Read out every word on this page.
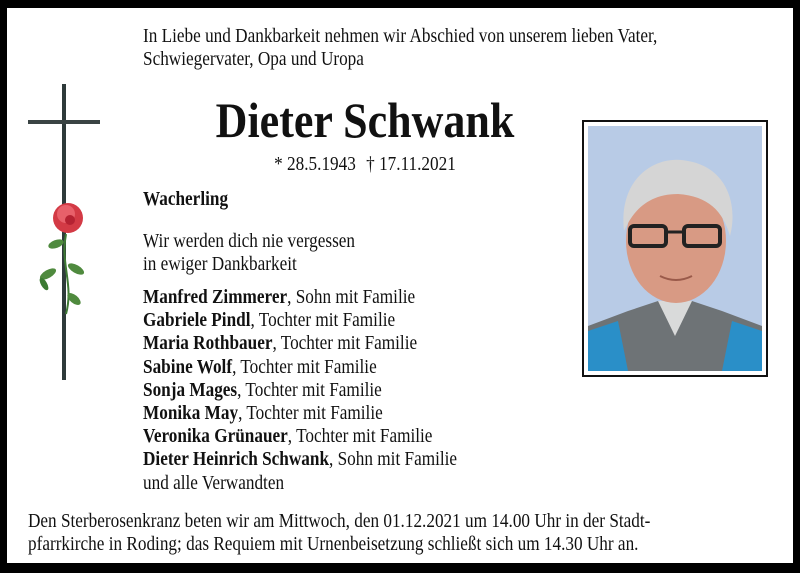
In Liebe und Dankbarkeit nehmen wir Abschied von unserem lieben Vater,
Schwiegervater, Opa und Uropa
Dieter Schwank
* 28.5.1943 † 17.11.2021
Wacherling
Wir werden dich nie vergessen
in ewiger Dankbarkeit
Manfred Zimmerer, Sohn mit Familie
Gabriele Pindl, Tochter mit Familie
Maria Rothbauer, Tochter mit Familie
Sabine Wolf, Tochter mit Familie
Sonja Mages, Tochter mit Familie
Monika May, Tochter mit Familie
Veronika Grünauer, Tochter mit Familie
Dieter Heinrich Schwank, Sohn mit Familie
und alle Verwandten
Den Sterberosenkranz beten wir am Mittwoch, den 01.12.2021 um 14.00 Uhr in der Stadt-
pfarrkirche in Roding; das Requiem mit Urnenbeisetzung schließt sich um 14.30 Uhr an.
